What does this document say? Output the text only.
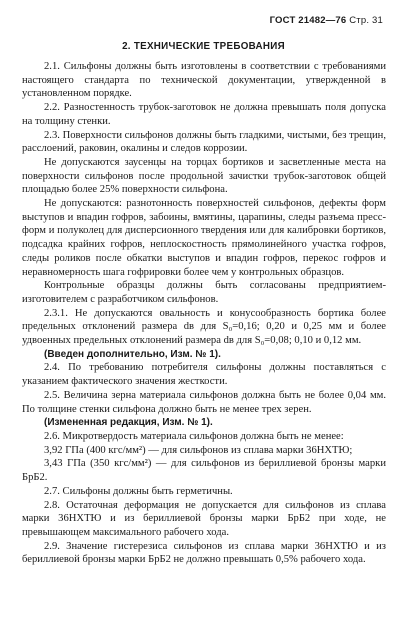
ГОСТ 21482—76 Стр. 31
2. ТЕХНИЧЕСКИЕ ТРЕБОВАНИЯ

2.1. Сильфоны должны быть изготовлены в соответствии с требованиями настоящего стандарта по технической документации, утвержденной в установленном порядке.

2.2. Разностенность трубок-заготовок не должна превышать поля допуска на толщину стенки.

2.3. Поверхности сильфонов должны быть гладкими, чистыми, без трещин, расслоений, раковин, окалины и следов коррозии.

Не допускаются заусенцы на торцах бортиков и засветленные места на поверхности сильфонов после продольной зачистки трубок-заготовок общей площадью более 25% поверхности сильфона.

Не допускаются: разнотонность поверхностей сильфонов, дефекты форм выступов и впадин гофров, забоины, вмятины, царапины, следы разъема пресс-форм и полуколец для дисперсионного твердения или для калибровки бортиков, подсадка крайних гофров, неплоскостность прямолинейного участка гофров, следы роликов после обкатки выступов и впадин гофров, перекос гофров и неравномерность шага гофрировки более чем у контрольных образцов.

Контрольные образцы должны быть согласованы предприятием-изготовителем с разработчиком сильфонов.

2.3.1. Не допускаются овальность и конусообразность бортика более предельных отклонений размера dв для S₀=0,16; 0,20 и 0,25 мм и более удвоенных предельных отклонений размера dв для S₀=0,08; 0,10 и 0,12 мм.

(Введен дополнительно, Изм. № 1).

2.4. По требованию потребителя сильфоны должны поставляться с указанием фактического значения жесткости.

2.5. Величина зерна материала сильфонов должна быть не более 0,04 мм. По толщине стенки сильфона должно быть не менее трех зерен.

(Измененная редакция, Изм. № 1).

2.6. Микротвердость материала сильфонов должна быть не менее:

3,92 ГПа (400 кгс/мм²) — для сильфонов из сплава марки 36НХТЮ;

3,43 ГПа (350 кгс/мм²) — для сильфонов из бериллиевой бронзы марки БрБ2.

2.7. Сильфоны должны быть герметичны.

2.8. Остаточная деформация не допускается для сильфонов из сплава марки 36НХТЮ и из бериллиевой бронзы марки БрБ2 при ходе, не превышающем максимального рабочего хода.

2.9. Значение гистерезиса сильфонов из сплава марки 36НХТЮ и из бериллиевой бронзы марки БрБ2 не должно превышать 0,5% рабочего хода.
